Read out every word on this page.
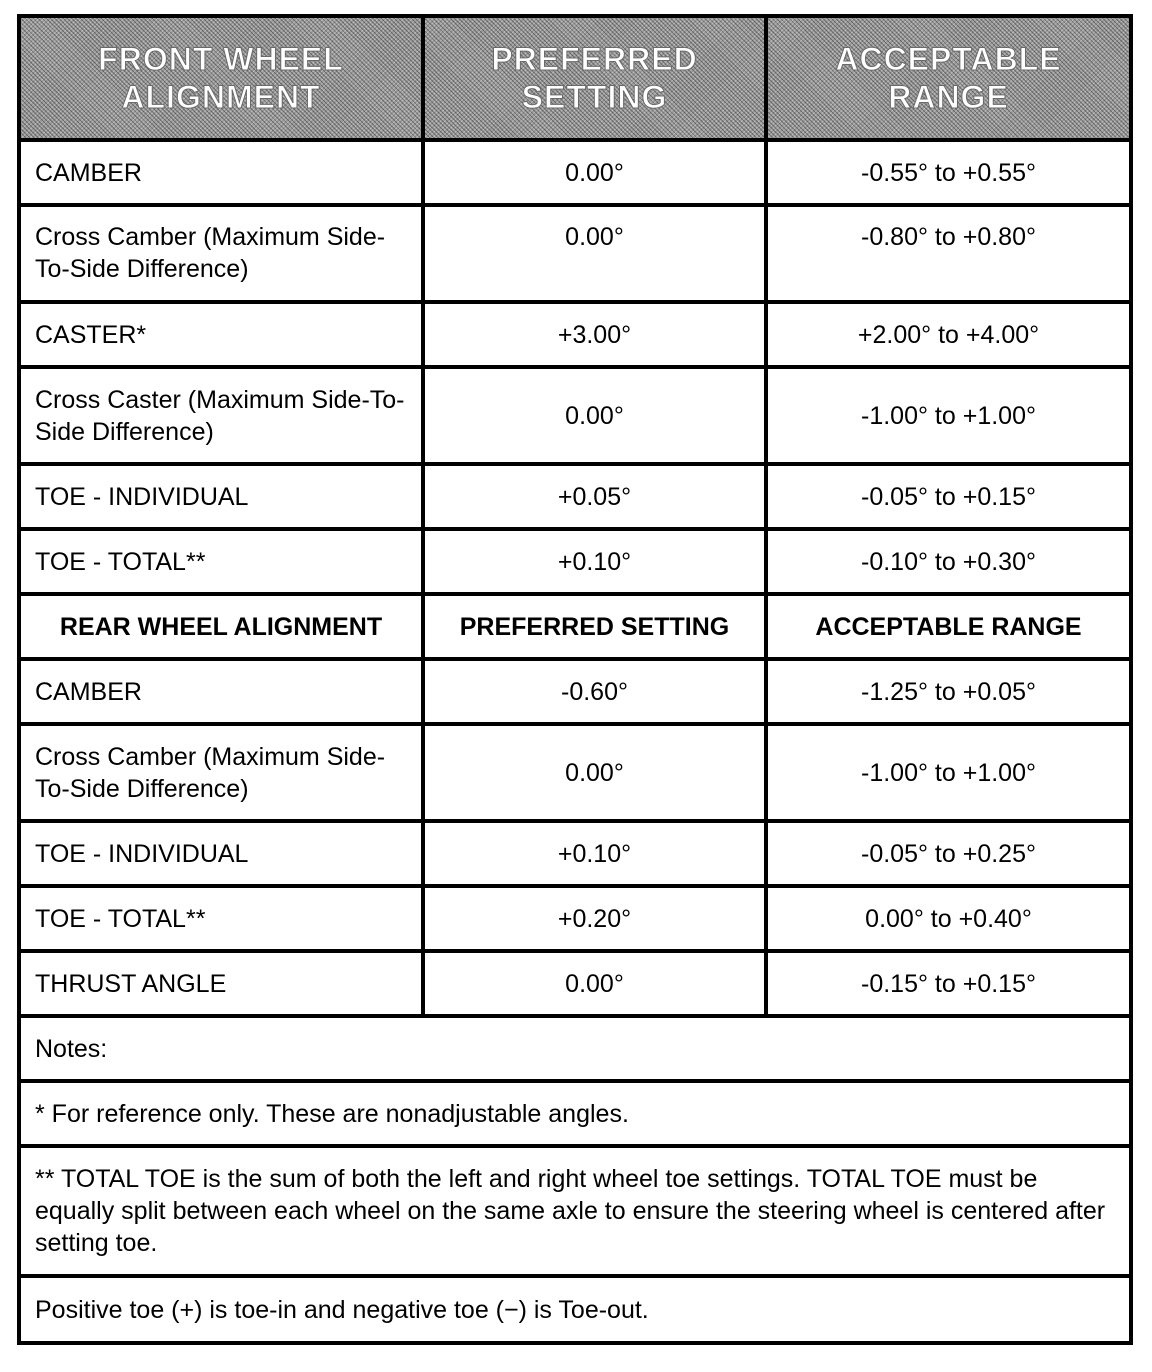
FRONT WHEEL ALIGNMENT	PREFERRED SETTING	ACCEPTABLE RANGE
CAMBER	0.00°	-0.55° to +0.55°
Cross Camber (Maximum Side-To-Side Difference)	0.00°	-0.80° to +0.80°
CASTER*	+3.00°	+2.00° to +4.00°
Cross Caster (Maximum Side-To-Side Difference)	0.00°	-1.00° to +1.00°
TOE - INDIVIDUAL	+0.05°	-0.05° to +0.15°
TOE - TOTAL**	+0.10°	-0.10° to +0.30°
REAR WHEEL ALIGNMENT	PREFERRED SETTING	ACCEPTABLE RANGE
CAMBER	-0.60°	-1.25° to +0.05°
Cross Camber (Maximum Side-To-Side Difference)	0.00°	-1.00° to +1.00°
TOE - INDIVIDUAL	+0.10°	-0.05° to +0.25°
TOE - TOTAL**	+0.20°	0.00° to +0.40°
THRUST ANGLE	0.00°	-0.15° to +0.15°
Notes:		
* For reference only. These are nonadjustable angles.		
** TOTAL TOE is the sum of both the left and right wheel toe settings. TOTAL TOE must be equally split between each wheel on the same axle to ensure the steering wheel is centered after setting toe.		
Positive toe (+) is toe-in and negative toe (−) is Toe-out.		
